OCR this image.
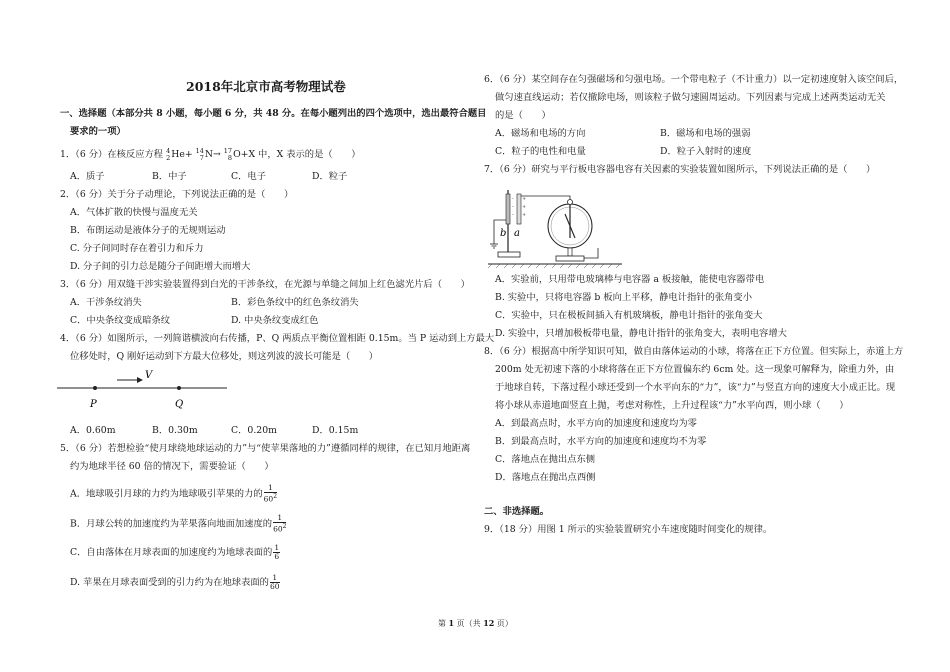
2018年北京市高考物理试卷
一、选择题（本部分共 8 小题，每小题 6 分，共 48 分。在每小题列出的四个选项中，选出最符合题目
要求的一项）
1．（6 分）在核反应方程 4
2 He+ 14
7 N→ 17
8 O+X 中，X 表示的是（　　）
A．质子	B．中子	C．电子	D．粒子
2．（6 分）关于分子动理论，下列说法正确的是（　　）
A．气体扩散的快慢与温度无关
B．布朗运动是液体分子的无规则运动
C. 分子间同时存在着引力和斥力
D. 分子间的引力总是随分子间距增大而增大
3．（6 分）用双缝干涉实验装置得到白光的干涉条纹，在光源与单缝之间加上红色滤光片后（　　）
A．干涉条纹消失	B．彩色条纹中的红色条纹消失
C．中央条纹变成暗条纹	D. 中央条纹变成红色
4．（6 分）如图所示，一列简谐横波向右传播，P、Q 两质点平衡位置相距 0.15m。当 P 运动到上方最大
位移处时，Q 刚好运动到下方最大位移处，则这列波的波长可能是（　　）
V
P	Q
A．0.60m	B．0.30m	C．0.20m	D．0.15m
5．（6 分）若想检验“使月球绕地球运动的力”与“使苹果落地的力”遵循同样的规律，在已知月地距离
约为地球半径 60 倍的情况下，需要验证（　　）
A．地球吸引月球的力约为地球吸引苹果的力的 $\frac{1}{60^2}$
B．月球公转的加速度约为苹果落向地面加速度的 $\frac{1}{60^2}$
C．自由落体在月球表面的加速度约为地球表面的 $\frac{1}{6}$
D. 苹果在月球表面受到的引力约为在地球表面的 $\frac{1}{60}$
6．（6 分）某空间存在匀强磁场和匀强电场。一个带电粒子（不计重力）以一定初速度射入该空间后，
做匀速直线运动；若仅撤除电场，则该粒子做匀速圆周运动。下列因素与完成上述两类运动无关
的是（　　）
A．磁场和电场的方向	B．磁场和电场的强弱
C．粒子的电性和电量	D．粒子入射时的速度
7．（6 分）研究与平行板电容器电容有关因素的实验装置如图所示，下列说法正确的是（　　）
-
-
-
+
+
+
b a
A．实验前，只用带电玻璃棒与电容器 a 板接触，能使电容器带电
B. 实验中，只将电容器 b 板向上平移，静电计指针的张角变小
C．实验中，只在极板间插入有机玻璃板，静电计指针的张角变大
D. 实验中，只增加极板带电量，静电计指针的张角变大，表明电容增大
8．（6 分）根据高中所学知识可知，做自由落体运动的小球，将落在正下方位置。但实际上，赤道上方
200m 处无初速下落的小球将落在正下方位置偏东约 6cm 处。这一现象可解释为，除重力外，由
于地球自转，下落过程小球还受到一个水平向东的“力”，该“力”与竖直方向的速度大小成正比。现
将小球从赤道地面竖直上抛，考虑对称性，上升过程该“力”水平向西，则小球（　　）
A．到最高点时，水平方向的加速度和速度均为零
B．到最高点时，水平方向的加速度和速度均不为零
C．落地点在抛出点东侧
D．落地点在抛出点西侧
二、非选择题。
9．（18 分）用图 1 所示的实验装置研究小车速度随时间变化的规律。
第 1 页（共 12 页）
